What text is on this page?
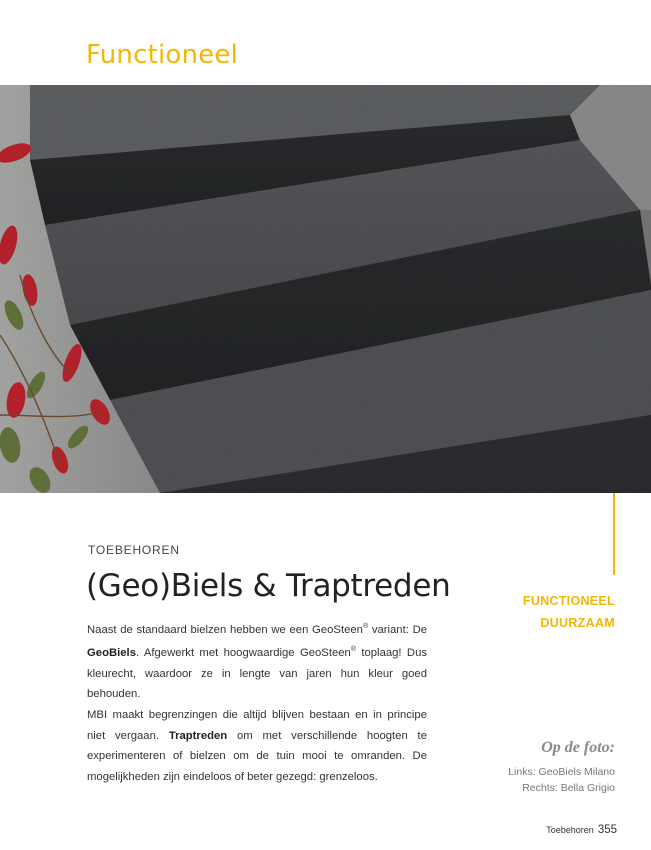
Functioneel
TOEBEHOREN
(Geo)Biels & Traptreden

Naast de standaard bielzen hebben we een GeoSteen® variant: De GeoBiels. Afgewerkt met hoogwaardige GeoSteen® toplaag! Dus kleurecht, waardoor ze in lengte van jaren hun kleur goed behouden.

MBI maakt begrenzingen die altijd blijven bestaan en in principe niet vergaan. Traptreden om met verschillende hoogten te experimenteren of bielzen om de tuin mooi te omranden. De mogelijkheden zijn eindeloos of beter gezegd: grenzeloos.

FUNCTIONEEL
DUURZAAM
Op de foto:
Links: GeoBiels Milano
Rechts: Bella Grigio
Toebehoren 355
